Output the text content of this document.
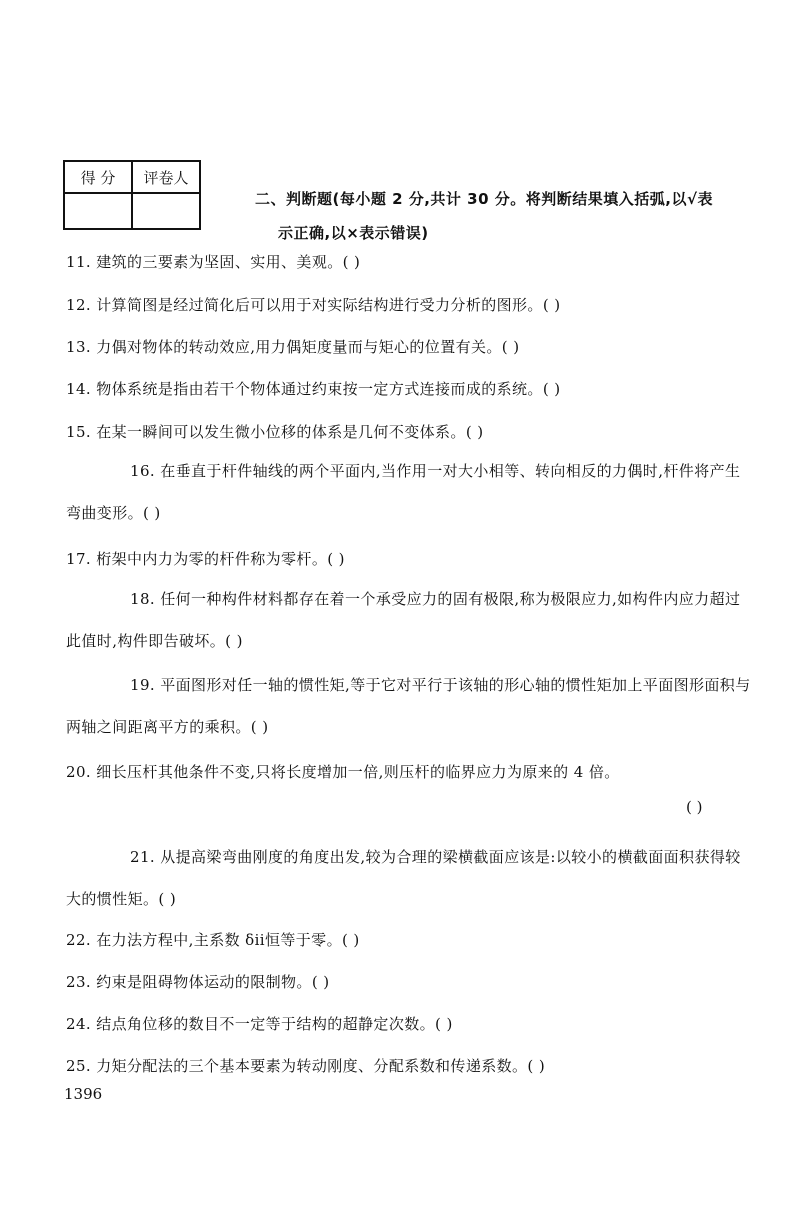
得 分	评卷人

二、判断题(每小题 2 分,共计 30 分。将判断结果填入括弧,以√表
示正确,以×表示错误)
11. 建筑的三要素为坚固、实用、美观。( )
12. 计算简图是经过简化后可以用于对实际结构进行受力分析的图形。( )
13. 力偶对物体的转动效应,用力偶矩度量而与矩心的位置有关。( )
14. 物体系统是指由若干个物体通过约束按一定方式连接而成的系统。( )
15. 在某一瞬间可以发生微小位移的体系是几何不变体系。( )
16. 在垂直于杆件轴线的两个平面内,当作用一对大小相等、转向相反的力偶时,杆件将产生弯曲变形。( )
17. 桁架中内力为零的杆件称为零杆。( )
18. 任何一种构件材料都存在着一个承受应力的固有极限,称为极限应力,如构件内应力超过此值时,构件即告破坏。( )
19. 平面图形对任一轴的惯性矩,等于它对平行于该轴的形心轴的惯性矩加上平面图形面积与两轴之间距离平方的乘积。( )
20. 细长压杆其他条件不变,只将长度增加一倍,则压杆的临界应力为原来的 4 倍。
( )
21. 从提高梁弯曲刚度的角度出发,较为合理的梁横截面应该是:以较小的横截面面积获得较大的惯性矩。( )
22. 在力法方程中,主系数 δii恒等于零。( )
23. 约束是阻碍物体运动的限制物。( )
24. 结点角位移的数目不一定等于结构的超静定次数。( )
25. 力矩分配法的三个基本要素为转动刚度、分配系数和传递系数。( )
1396
